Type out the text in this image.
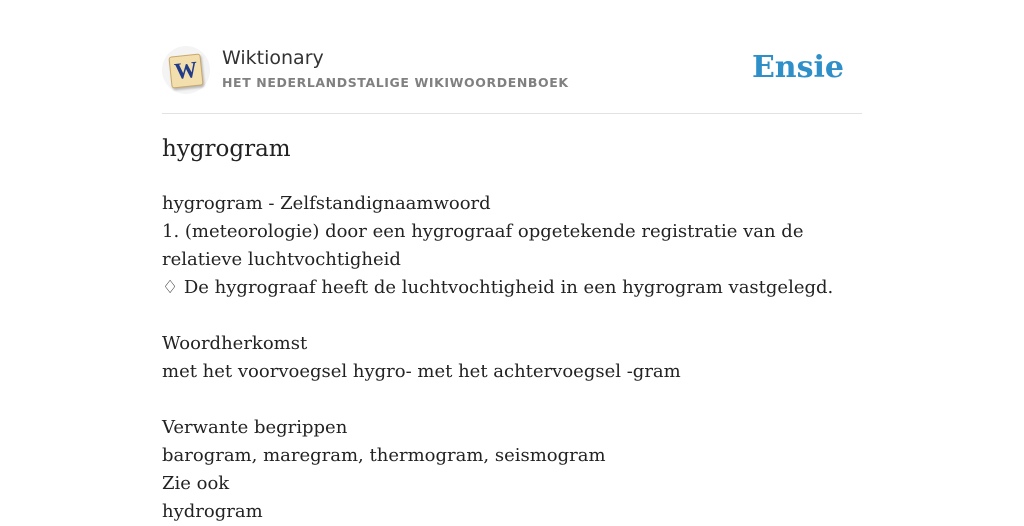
W Wiktionary
HET NEDERLANDSTALIGE WIKIWOORDENBOEK	Ensie
hygrogram
hygrogram - Zelfstandignaamwoord
1. (meteorologie) door een hygrograaf opgetekende registratie van de relatieve luchtvochtigheid
♢ De hygrograaf heeft de luchtvochtigheid in een hygrogram vastgelegd.
Woordherkomst
met het voorvoegsel hygro- met het achtervoegsel -gram
Verwante begrippen
barogram, maregram, thermogram, seismogram
Zie ook
hydrogram
